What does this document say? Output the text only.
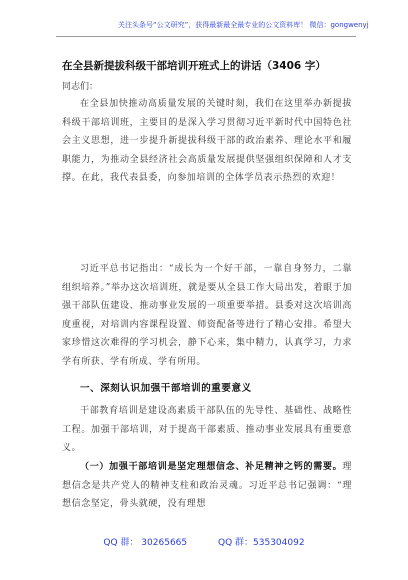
关注头条号“公文研究”，获得最新最全最专业的公文资料库！ 微信：gongwenyj
在全县新提拔科级干部培训开班式上的讲话（3406 字）
同志们：
在全县加快推动高质量发展的关键时刻，我们在这里举办新提拔科级干部培训班，主要目的是深入学习贯彻习近平新时代中国特色社会主义思想，进一步提升新提拔科级干部的政治素养、理论水平和履职能力，为推动全县经济社会高质量发展提供坚强组织保障和人才支撑。在此，我代表县委，向参加培训的全体学员表示热烈的欢迎！
习近平总书记指出：“成长为一个好干部，一靠自身努力，二靠组织培养。”举办这次培训班，就是要从全县工作大局出发，着眼于加强干部队伍建设、推动事业发展的一项重要举措。县委对这次培训高度重视，对培训内容课程设置、师资配备等进行了精心安排。希望大家珍惜这次难得的学习机会，静下心来，集中精力，认真学习，力求学有所获、学有所成、学有所用。
一、深刻认识加强干部培训的重要意义
干部教育培训是建设高素质干部队伍的先导性、基础性、战略性工程。加强干部培训，对于提高干部素质、推动事业发展具有重要意义。
（一）加强干部培训是坚定理想信念、补足精神之钙的需要。理想信念是共产党人的精神支柱和政治灵魂。习近平总书记强调：“理想信念坚定，骨头就硬，没有理想
QQ 群： 30265665	QQ 群：535304092
